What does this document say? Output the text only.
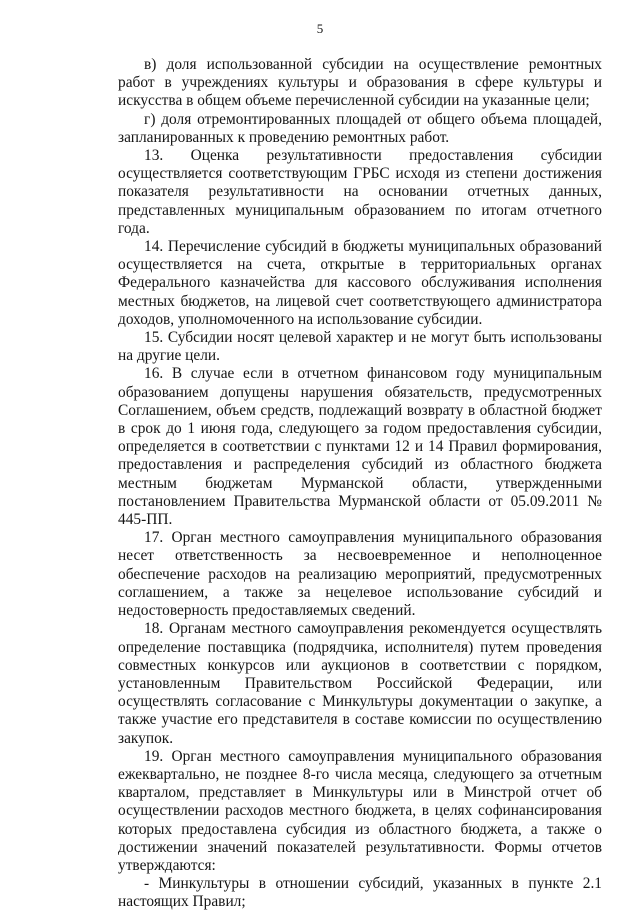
5

в) доля использованной субсидии на осуществление ремонтных работ в учреждениях культуры и образования в сфере культуры и искусства в общем объеме перечисленной субсидии на указанные цели;

г) доля отремонтированных площадей от общего объема площадей, запланированных к проведению ремонтных работ.

13. Оценка результативности предоставления субсидии осуществляется соответствующим ГРБС исходя из степени достижения показателя результативности на основании отчетных данных, представленных муниципальным образованием по итогам отчетного года.

14. Перечисление субсидий в бюджеты муниципальных образований осуществляется на счета, открытые в территориальных органах Федерального казначейства для кассового обслуживания исполнения местных бюджетов, на лицевой счет соответствующего администратора доходов, уполномоченного на использование субсидии.

15. Субсидии носят целевой характер и не могут быть использованы на другие цели.

16. В случае если в отчетном финансовом году муниципальным образованием допущены нарушения обязательств, предусмотренных Соглашением, объем средств, подлежащий возврату в областной бюджет в срок до 1 июня года, следующего за годом предоставления субсидии, определяется в соответствии с пунктами 12 и 14 Правил формирования, предоставления и распределения субсидий из областного бюджета местным бюджетам Мурманской области, утвержденными постановлением Правительства Мурманской области от 05.09.2011 № 445-ПП.

17. Орган местного самоуправления муниципального образования несет ответственность за несвоевременное и неполноценное обеспечение расходов на реализацию мероприятий, предусмотренных соглашением, а также за нецелевое использование субсидий и недостоверность предоставляемых сведений.

18. Органам местного самоуправления рекомендуется осуществлять определение поставщика (подрядчика, исполнителя) путем проведения совместных конкурсов или аукционов в соответствии с порядком, установленным Правительством Российской Федерации, или осуществлять согласование с Минкультуры документации о закупке, а также участие его представителя в составе комиссии по осуществлению закупок.

19. Орган местного самоуправления муниципального образования ежеквартально, не позднее 8-го числа месяца, следующего за отчетным кварталом, представляет в Минкультуры или в Минстрой отчет об осуществлении расходов местного бюджета, в целях софинансирования которых предоставлена субсидия из областного бюджета, а также о достижении значений показателей результативности. Формы отчетов утверждаются:

- Минкультуры в отношении субсидий, указанных в пункте 2.1 настоящих Правил;
